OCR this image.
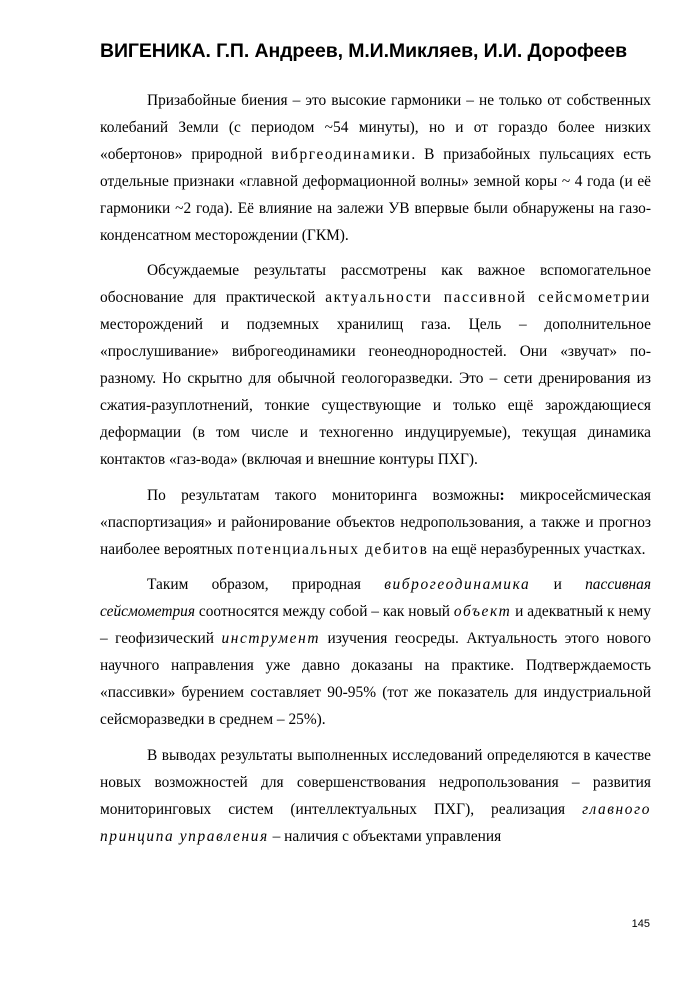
ВИГЕНИКА. Г.П. Андреев, М.И.Микляев, И.И. Дорофеев

Призабойные биения – это высокие гармоники – не только от собственных колебаний Земли (с периодом ~54 минуты), но и от гораздо более низких «обертонов» природной вибргеодинамики. В призабойных пульсациях есть отдельные признаки «главной деформационной волны» земной коры ~ 4 года (и её гармоники ~2 года). Её влияние на залежи УВ впервые были обнаружены на газо-конденсатном месторождении (ГКМ).

Обсуждаемые результаты рассмотрены как важное вспомогательное обоснование для практической актуальности пассивной сейсмометрии месторождений и подземных хранилищ газа. Цель – дополнительное «прослушивание» виброгеодинамики геонеоднородностей. Они «звучат» по-разному. Но скрытно для обычной геологоразведки. Это – сети дренирования из сжатия-разуплотнений, тонкие существующие и только ещё зарождающиеся деформации (в том числе и техногенно индуцируемые), текущая динамика контактов «газ-вода» (включая и внешние контуры ПХГ).

По результатам такого мониторинга возможны: микросейсмическая «паспортизация» и районирование объектов недропользования, а также и прогноз наиболее вероятных потенциальных дебитов на ещё неразбуренных участках.

Таким образом, природная виброгеодинамика и пассивная сейсмометрия соотносятся между собой – как новый объект и адекватный к нему – геофизический инструмент изучения геосреды. Актуальность этого нового научного направления уже давно доказаны на практике. Подтверждаемость «пассивки» бурением составляет 90-95% (тот же показатель для индустриальной сейсморазведки в среднем – 25%).

В выводах результаты выполненных исследований определяются в качестве новых возможностей для совершенствования недропользования – развития мониторинговых систем (интеллектуальных ПХГ), реализация главного принципа управления – наличия с объектами управления

145
